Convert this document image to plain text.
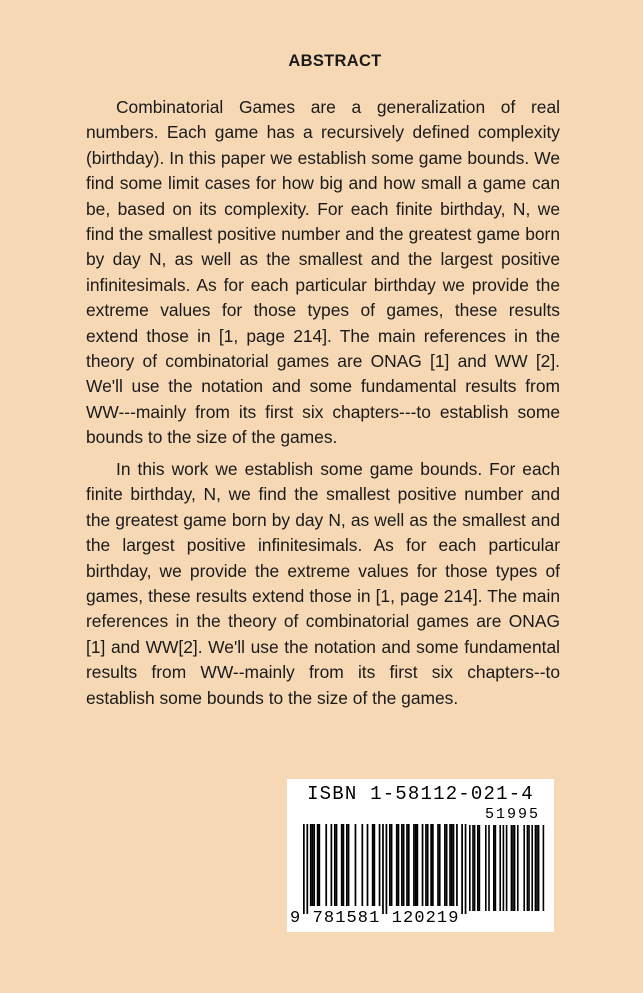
ABSTRACT

Combinatorial Games are a generalization of real numbers. Each game has a recursively defined complexity (birthday). In this paper we establish some game bounds. We find some limit cases for how big and how small a game can be, based on its complexity. For each finite birthday, N, we find the smallest positive number and the greatest game born by day N, as well as the smallest and the largest positive infinitesimals. As for each particular birthday we provide the extreme values for those types of games, these results extend those in [1, page 214]. The main references in the theory of combinatorial games are ONAG [1] and WW [2]. We'll use the notation and some fundamental results from WW---mainly from its first six chapters---to establish some bounds to the size of the games.

In this work we establish some game bounds. For each finite birthday, N, we find the smallest positive number and the greatest game born by day N, as well as the smallest and the largest positive infinitesimals. As for each particular birthday, we provide the extreme values for those types of games, these results extend those in [1, page 214]. The main references in the theory of combinatorial games are ONAG [1] and WW[2]. We'll use the notation and some fundamental results from WW--mainly from its first six chapters--to establish some bounds to the size of the games.

ISBN 1-58112-021-4
51995
9 781581 120219
